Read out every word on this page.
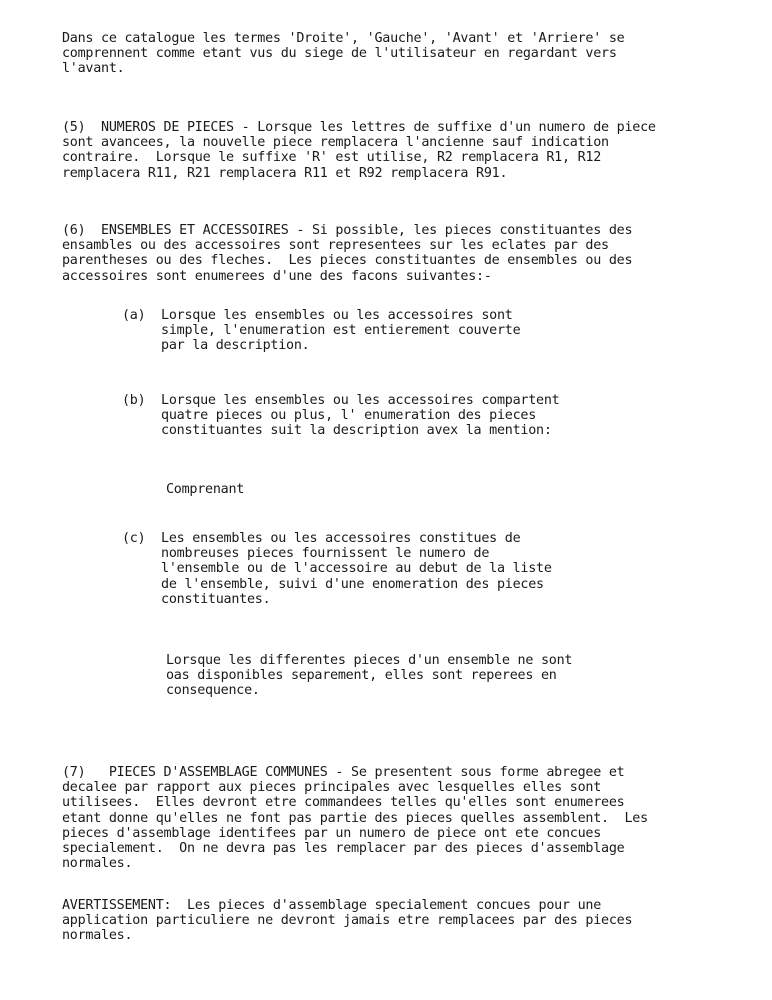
Dans ce catalogue les termes 'Droite', 'Gauche', 'Avant' et 'Arriere' se
comprennent comme etant vus du siege de l'utilisateur en regardant vers
l'avant.

(5)  NUMEROS DE PIECES - Lorsque les lettres de suffixe d'un numero de piece
sont avancees, la nouvelle piece remplacera l'ancienne sauf indication
contraire.  Lorsque le suffixe 'R' est utilise, R2 remplacera R1, R12
remplacera R11, R21 remplacera R11 et R92 remplacera R91.

(6)  ENSEMBLES ET ACCESSOIRES - Si possible, les pieces constituantes des
ensambles ou des accessoires sont representees sur les eclates par des
parentheses ou des fleches.  Les pieces constituantes de ensembles ou des
accessoires sont enumerees d'une des facons suivantes:-

(a)  Lorsque les ensembles ou les accessoires sont
simple, l'enumeration est entierement couverte
par la description.

(b)  Lorsque les ensembles ou les accessoires compartent
quatre pieces ou plus, l' enumeration des pieces
constituantes suit la description avex la mention:

Comprenant

(c)  Les ensembles ou les accessoires constitues de
nombreuses pieces fournissent le numero de
l'ensemble ou de l'accessoire au debut de la liste
de l'ensemble, suivi d'une enomeration des pieces
constituantes.

Lorsque les differentes pieces d'un ensemble ne sont
oas disponibles separement, elles sont reperees en
consequence.

(7)   PIECES D'ASSEMBLAGE COMMUNES - Se presentent sous forme abregee et
decalee par rapport aux pieces principales avec lesquelles elles sont
utilisees.  Elles devront etre commandees telles qu'elles sont enumerees
etant donne qu'elles ne font pas partie des pieces quelles assemblent.  Les
pieces d'assemblage identifees par un numero de piece ont ete concues
specialement.  On ne devra pas les remplacer par des pieces d'assemblage
normales.

AVERTISSEMENT:  Les pieces d'assemblage specialement concues pour une
application particuliere ne devront jamais etre remplacees par des pieces
normales.
